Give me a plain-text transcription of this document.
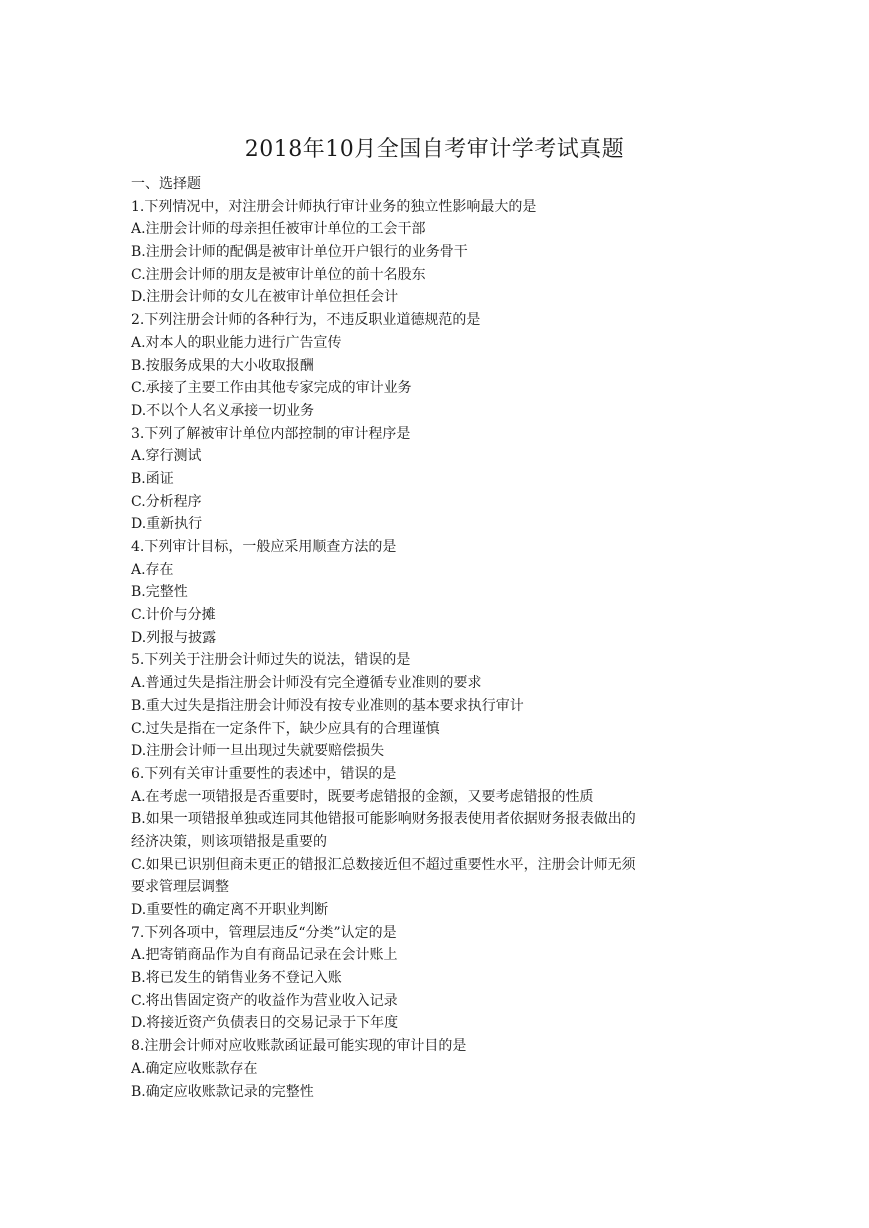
2018年10月全国自考审计学考试真题
一、选择题
1.下列情况中，对注册会计师执行审计业务的独立性影响最大的是
A.注册会计师的母亲担任被审计单位的工会干部
B.注册会计师的配偶是被审计单位开户银行的业务骨干
C.注册会计师的朋友是被审计单位的前十名股东
D.注册会计师的女儿在被审计单位担任会计
2.下列注册会计师的各种行为，不违反职业道德规范的是
A.对本人的职业能力进行广告宣传
B.按服务成果的大小收取报酬
C.承接了主要工作由其他专家完成的审计业务
D.不以个人名义承接一切业务
3.下列了解被审计单位内部控制的审计程序是
A.穿行测试
B.函证
C.分析程序
D.重新执行
4.下列审计目标，一般应采用顺查方法的是
A.存在
B.完整性
C.计价与分摊
D.列报与披露
5.下列关于注册会计师过失的说法，错误的是
A.普通过失是指注册会计师没有完全遵循专业准则的要求
B.重大过失是指注册会计师没有按专业准则的基本要求执行审计
C.过失是指在一定条件下，缺少应具有的合理谨慎
D.注册会计师一旦出现过失就要赔偿损失
6.下列有关审计重要性的表述中，错误的是
A.在考虑一项错报是否重要时，既要考虑错报的金额，又要考虑错报的性质
B.如果一项错报单独或连同其他错报可能影响财务报表使用者依据财务报表做出的
经济决策，则该项错报是重要的
C.如果已识别但商未更正的错报汇总数接近但不超过重要性水平，注册会计师无须
要求管理层调整
D.重要性的确定离不开职业判断
7.下列各项中，管理层违反“分类”认定的是
A.把寄销商品作为自有商品记录在会计账上
B.将已发生的销售业务不登记入账
C.将出售固定资产的收益作为营业收入记录
D.将接近资产负债表日的交易记录于下年度
8.注册会计师对应收账款函证最可能实现的审计目的是
A.确定应收账款存在
B.确定应收账款记录的完整性
